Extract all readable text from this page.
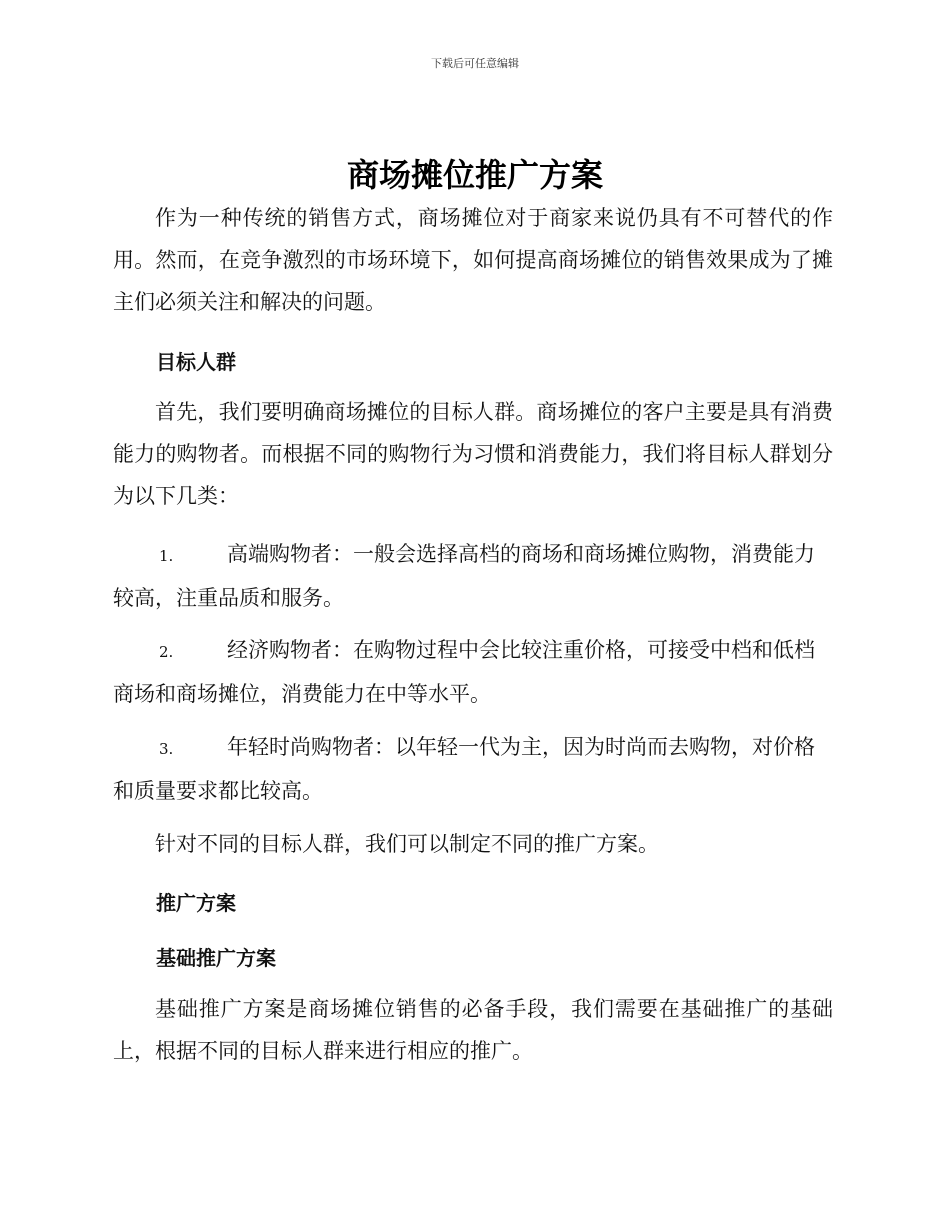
下载后可任意编辑
商场摊位推广方案

作为一种传统的销售方式，商场摊位对于商家来说仍具有不可替代的作用。然而，在竞争激烈的市场环境下，如何提高商场摊位的销售效果成为了摊主们必须关注和解决的问题。

目标人群

首先，我们要明确商场摊位的目标人群。商场摊位的客户主要是具有消费能力的购物者。而根据不同的购物行为习惯和消费能力，我们将目标人群划分为以下几类：

1.	高端购物者：一般会选择高档的商场和商场摊位购物，消费能力较高，注重品质和服务。
2.	经济购物者：在购物过程中会比较注重价格，可接受中档和低档商场和商场摊位，消费能力在中等水平。
3.	年轻时尚购物者：以年轻一代为主，因为时尚而去购物，对价格和质量要求都比较高。

针对不同的目标人群，我们可以制定不同的推广方案。

推广方案
基础推广方案

基础推广方案是商场摊位销售的必备手段，我们需要在基础推广的基础上，根据不同的目标人群来进行相应的推广。
